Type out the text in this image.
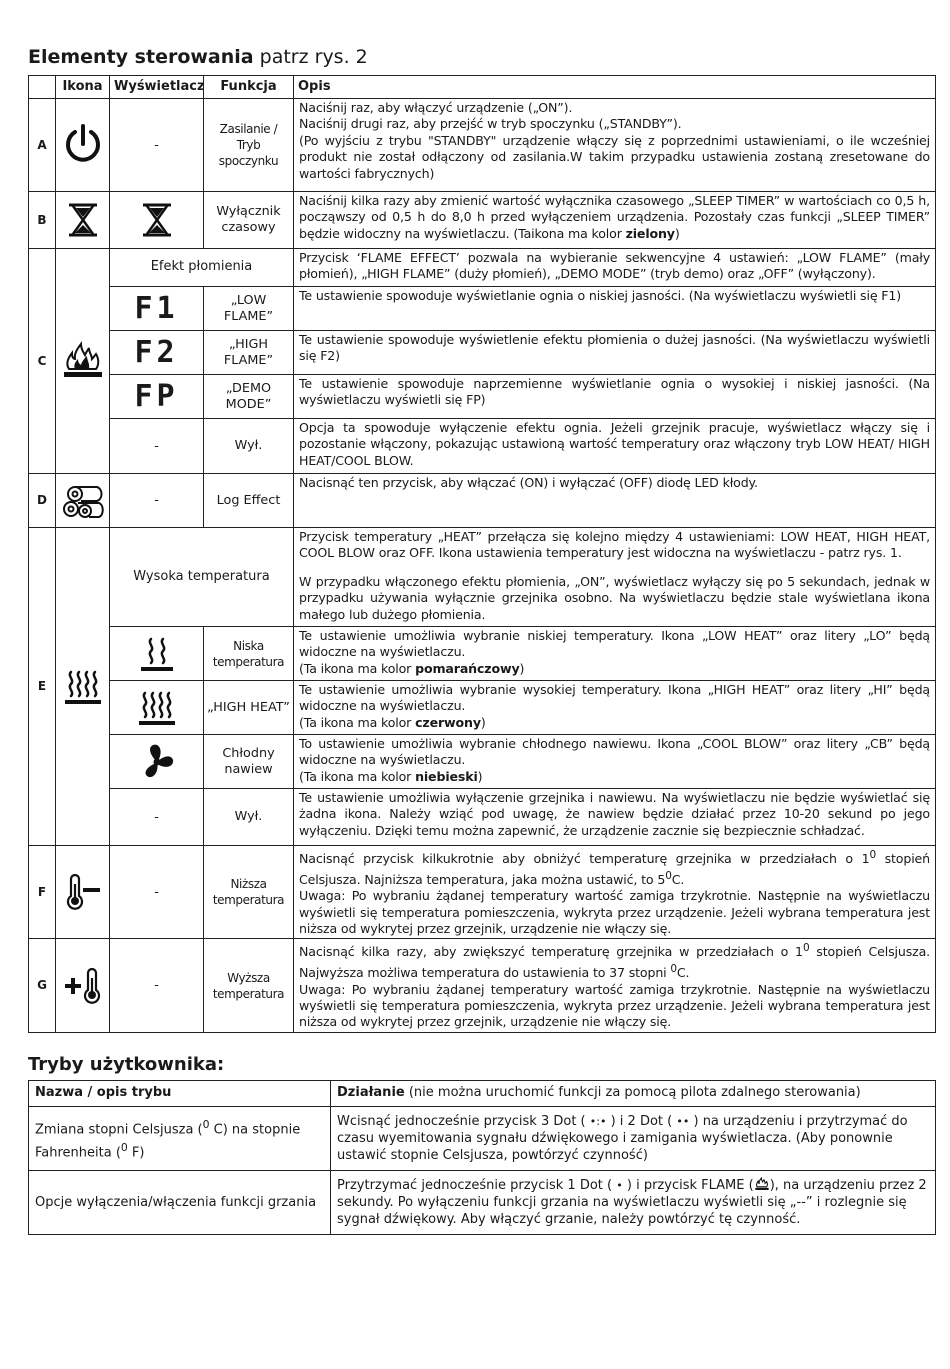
Elementy sterowania patrz rys. 2
	Ikona	Wyświetlacz	Funkcja	Opis
A		-	Zasilanie / Tryb spoczynku	Naciśnij raz, aby włączyć urządzenie („ON”).
Naciśnij drugi raz, aby przejść w tryb spoczynku („STANDBY”).
(Po wyjściu z trybu "STANDBY" urządzenie włączy się z poprzednimi ustawieniami, o ile wcześniej produkt nie został odłączony od zasilania.W takim przypadku ustawienia zostaną zresetowane do wartości fabrycznych)

B			Wyłącznik czasowy	Naciśnij kilka razy aby zmienić wartość wyłącznika czasowego „SLEEP TIMER” w wartościach co 0,5 h, począwszy od 0,5 h do 8,0 h przed wyłączeniem urządzenia. Pozostały czas funkcji „SLEEP TIMER” będzie widoczny na wyświetlaczu. (Taikona ma kolor zielony)
C		Efekt płomienia		Przycisk ‘FLAME EFFECT’ pozwala na wybieranie sekwencyjne 4 ustawień: „LOW FLAME” (mały płomień), „HIGH FLAME” (duży płomień), „DEMO MODE” (tryb demo) oraz „OFF” (wyłączony).
		F1	„LOW FLAME”	Te ustawienie spowoduje wyświetlanie ognia o niskiej jasności. (Na wyświetlaczu wyświetli się F1)
		F2	„HIGH FLAME”	Te ustawienie spowoduje wyświetlenie efektu płomienia o dużej jasności. (Na wyświetlaczu wyświetli się F2)
		FP	„DEMO MODE”	Te ustawienie spowoduje naprzemienne wyświetlanie ognia o wysokiej i niskiej jasności. (Na wyświetlaczu wyświetli się FP)
		-	Wył.	Opcja ta spowoduje wyłączenie efektu ognia. Jeżeli grzejnik pracuje, wyświetlacz włączy się i pozostanie włączony, pokazując ustawioną wartość temperatury oraz włączony tryb LOW HEAT/ HIGH HEAT/COOL BLOW.
D		-	Log Effect	Nacisnąć ten przycisk, aby włączać (ON) i wyłączać (OFF) diodę LED kłody.
E		Wysoka temperatura		Przycisk temperatury „HEAT” przełącza się kolejno między 4 ustawieniami: LOW HEAT, HIGH HEAT, COOL BLOW oraz OFF. Ikona ustawienia temperatury jest widoczna na wyświetlaczu - patrz rys. 1.

W przypadku włączonego efektu płomienia, „ON”, wyświetlacz wyłączy się po 5 sekundach, jednak w przypadku używania wyłącznie grzejnika osobno. Na wyświetlaczu będzie stale wyświetlana ikona małego lub dużego płomienia.

	Niska temperatura	Te ustawienie umożliwia wybranie niskiej temperatury. Ikona „LOW HEAT” oraz litery „LO” będą widoczne na wyświetlaczu.
(Ta ikona ma kolor pomarańczowy)
	„HIGH HEAT”	Te ustawienie umożliwia wybranie wysokiej temperatury. Ikona „HIGH HEAT” oraz litery „HI” będą widoczne na wyświetlaczu.
(Ta ikona ma kolor czerwony)
	Chłodny nawiew	To ustawienie umożliwia wybranie chłodnego nawiewu. Ikona „COOL BLOW” oraz litery „CB” będą widoczne na wyświetlaczu.
(Ta ikona ma kolor niebieski)
		-	Wył.	Te ustawienie umożliwia wyłączenie grzejnika i nawiewu. Na wyświetlaczu nie będzie wyświetlać się żadna ikona. Należy wziąć pod uwagę, że nawiew będzie działać przez 10-20 sekund po jego wyłączeniu. Dzięki temu można zapewnić, że urządzenie zacznie się bezpiecznie schładzać.
F		-	Niższa temperatura	Nacisnąć przycisk kilkukrotnie aby obniżyć temperaturę grzejnika w przedziałach o $1^0$ stopień Celsjusza. Najniższa temperatura, jaka można ustawić, to $5^0C$.
Uwaga: Po wybraniu żądanej temperatury wartość zamiga trzykrotnie. Następnie na wyświetlaczu wyświetli się temperatura pomieszczenia, wykryta przez urządzenie. Jeżeli wybrana temperatura jest niższa od wykrytej przez grzejnik, urządzenie nie włączy się.
G		-	Wyższa temperatura	Nacisnąć kilka razy, aby zwiększyć temperaturę grzejnika w przedziałach o $1^0$ stopień Celsjusza. Najwyższa możliwa temperatura do ustawienia to 37 stopni $^0$C.
Uwaga: Po wybraniu żądanej temperatury wartość zamiga trzykrotnie. Następnie na wyświetlaczu wyświetli się temperatura pomieszczenia, wykryta przez urządzenie. Jeżeli wybrana temperatura jest niższa od wykrytej przez grzejnik, urządzenie nie włączy się.
Tryby użytkownika:
Nazwa / opis trybu	Działanie (nie można uruchomić funkcji za pomocą pilota zdalnego sterowania)
Zmiana stopni Celsjusza ($^0$ C) na stopnie Fahrenheita ($^0$ F)	Wcisnąć jednocześnie przycisk 3 Dot ( •:• ) i 2 Dot ( •• ) na urządzeniu i przytrzymać do czasu wyemitowania sygnału dźwiękowego i zamigania wyświetlacza. (Aby ponownie ustawić stopnie Celsjusza, powtórzyć czynność)
Opcje wyłączenia/włączenia funkcji grzania	Przytrzymać jednocześnie przycisk 1 Dot ( • ) i przycisk FLAME ( ), na urządzeniu przez 2 sekundy. Po wyłączeniu funkcji grzania na wyświetlaczu wyświetli się „--” i rozlegnie się sygnał dźwiękowy. Aby włączyć grzanie, należy powtórzyć tę czynność.
